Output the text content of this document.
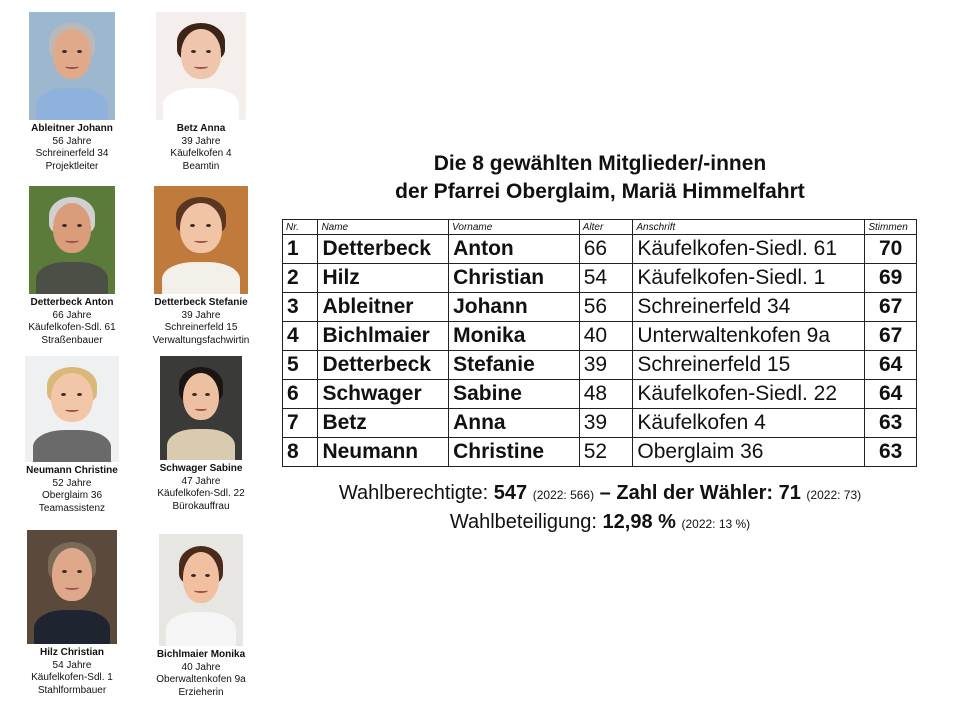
Ableitner Johann
56 Jahre
Schreinerfeld 34
Projektleiter
Betz Anna
39 Jahre
Käufelkofen 4
Beamtin
Detterbeck Anton
66 Jahre
Käufelkofen-Sdl. 61
Straßenbauer
Detterbeck Stefanie
39 Jahre
Schreinerfeld 15
Verwaltungsfachwirtin
Neumann Christine
52 Jahre
Oberglaim 36
Teamassistenz
Schwager Sabine
47 Jahre
Käufelkofen-Sdl. 22
Bürokauffrau
Hilz Christian
54 Jahre
Käufelkofen-Sdl. 1
Stahlformbauer
Bichlmaier Monika
40 Jahre
Oberwaltenkofen 9a
Erzieherin
Die 8 gewählten Mitglieder/-innen
der Pfarrei Oberglaim, Mariä Himmelfahrt
Nr.	Name	Vorname	Alter	Anschrift	Stimmen
1	Detterbeck	Anton	66	Käufelkofen-Siedl. 61	70
2	Hilz	Christian	54	Käufelkofen-Siedl. 1	69
3	Ableitner	Johann	56	Schreinerfeld 34	67
4	Bichlmaier	Monika	40	Unterwaltenkofen 9a	67
5	Detterbeck	Stefanie	39	Schreinerfeld 15	64
6	Schwager	Sabine	48	Käufelkofen-Siedl. 22	64
7	Betz	Anna	39	Käufelkofen 4	63
8	Neumann	Christine	52	Oberglaim 36	63
Wahlberechtigte: 547 (2022: 566) – Zahl der Wähler: 71 (2022: 73)
Wahlbeteiligung: 12,98 % (2022: 13 %)
